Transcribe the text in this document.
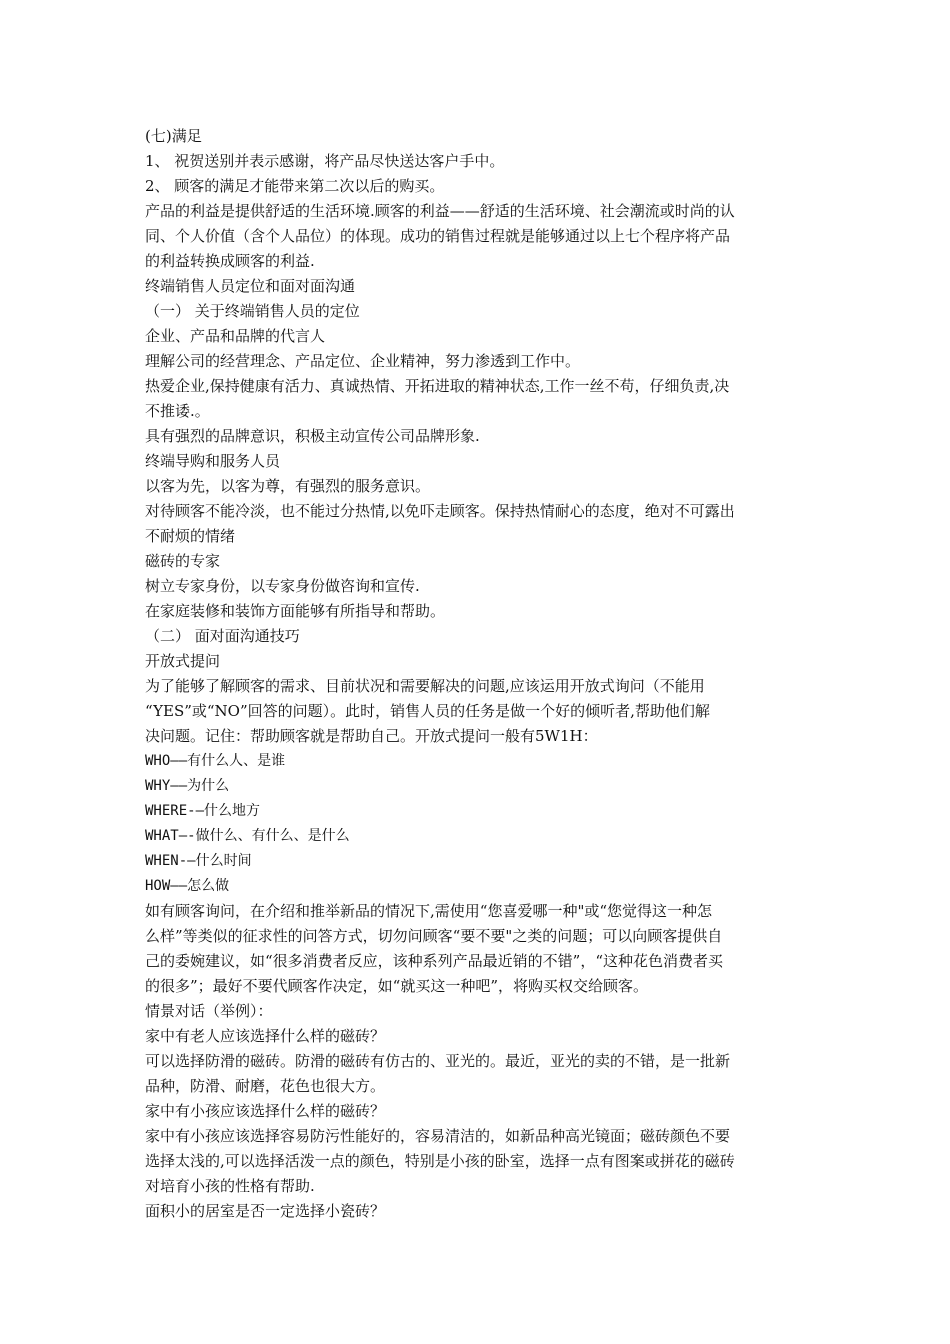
(七)满足
1、 祝贺送别并表示感谢，将产品尽快送达客户手中。
2、 顾客的满足才能带来第二次以后的购买。
产品的利益是提供舒适的生活环境.顾客的利益——舒适的生活环境、社会潮流或时尚的认
同、个人价值（含个人品位）的体现。成功的销售过程就是能够通过以上七个程序将产品
的利益转换成顾客的利益.
终端销售人员定位和面对面沟通
（一） 关于终端销售人员的定位
企业、产品和品牌的代言人
理解公司的经营理念、产品定位、企业精神，努力渗透到工作中。
热爱企业,保持健康有活力、真诚热情、开拓进取的精神状态,工作一丝不苟，仔细负责,决
不推诿.。
具有强烈的品牌意识，积极主动宣传公司品牌形象.
终端导购和服务人员
以客为先，以客为尊，有强烈的服务意识。
对待顾客不能冷淡，也不能过分热情,以免吓走顾客。保持热情耐心的态度，绝对不可露出
不耐烦的情绪
磁砖的专家
树立专家身份，以专家身份做咨询和宣传.
在家庭装修和装饰方面能够有所指导和帮助。
（二） 面对面沟通技巧
开放式提问
为了能够了解顾客的需求、目前状况和需要解决的问题,应该运用开放式询问（不能用
“YES”或“NO”回答的问题）。此时，销售人员的任务是做一个好的倾听者,帮助他们解
决问题。记住：帮助顾客就是帮助自己。开放式提问一般有5W1H：
WHO——有什么人、是谁
WHY——为什么
WHERE-—什么地方
WHAT—-做什么、有什么、是什么
WHEN-—什么时间
HOW——怎么做
如有顾客询问，在介绍和推举新品的情况下,需使用“您喜爱哪一种"或“您觉得这一种怎
么样”等类似的征求性的问答方式，切勿问顾客“要不要"之类的问题；可以向顾客提供自
己的委婉建议，如“很多消费者反应，该种系列产品最近销的不错”，“这种花色消费者买
的很多”；最好不要代顾客作决定，如“就买这一种吧”，将购买权交给顾客。
情景对话（举例）：
家中有老人应该选择什么样的磁砖？
可以选择防滑的磁砖。防滑的磁砖有仿古的、亚光的。最近，亚光的卖的不错，是一批新
品种，防滑、耐磨，花色也很大方。
家中有小孩应该选择什么样的磁砖？
家中有小孩应该选择容易防污性能好的，容易清洁的，如新品种高光镜面；磁砖颜色不要
选择太浅的,可以选择活泼一点的颜色，特别是小孩的卧室，选择一点有图案或拼花的磁砖
对培育小孩的性格有帮助.
面积小的居室是否一定选择小瓷砖？
